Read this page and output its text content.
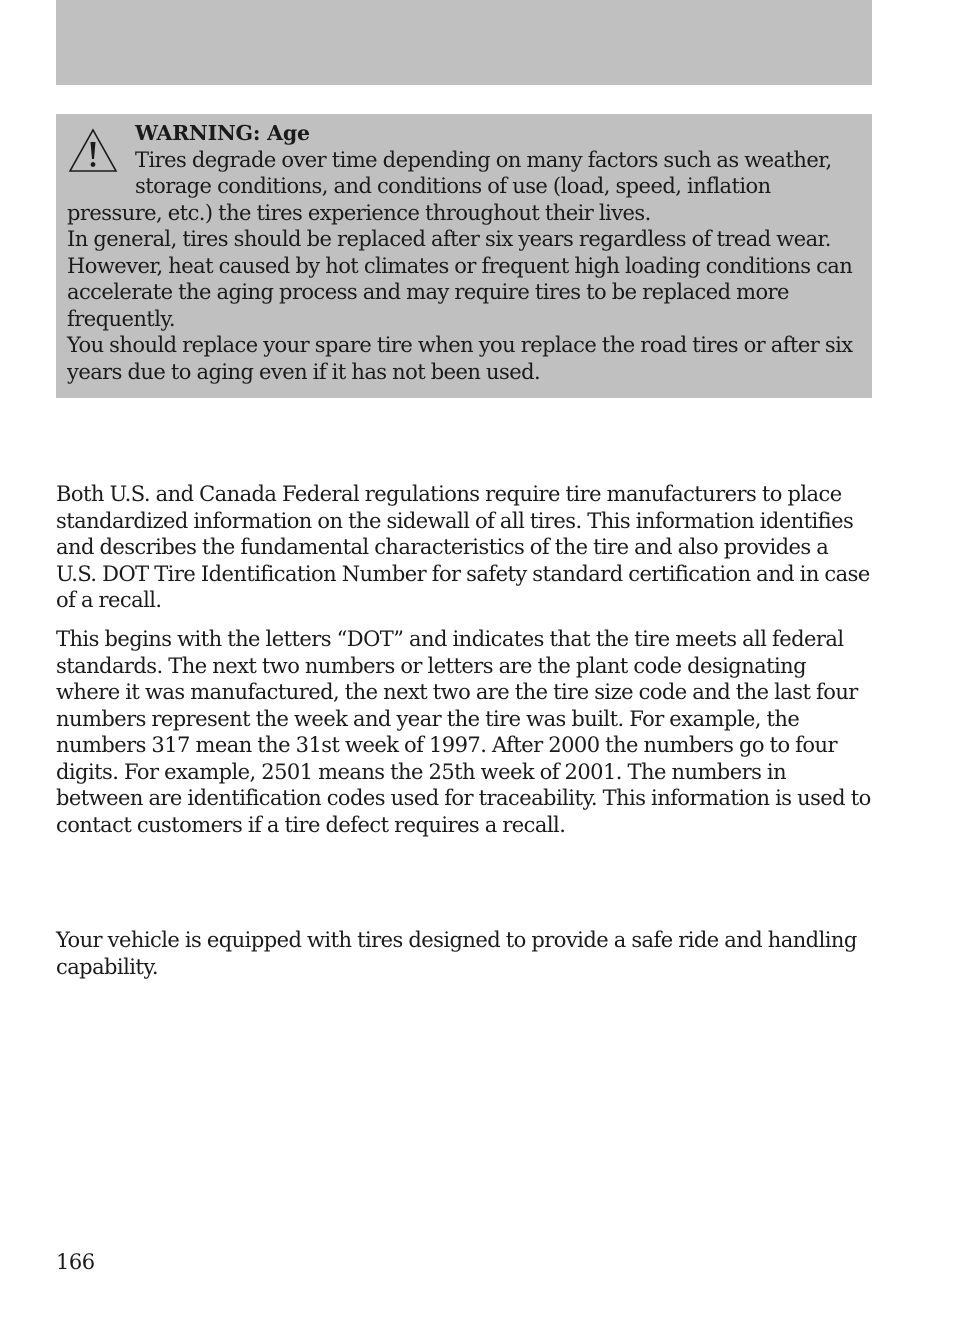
WARNING: Age

Tires degrade over time depending on many factors such as weather, storage conditions, and conditions of use (load, speed, inflation pressure, etc.) the tires experience throughout their lives.

In general, tires should be replaced after six years regardless of tread wear. However, heat caused by hot climates or frequent high loading conditions can accelerate the aging process and may require tires to be replaced more frequently.

You should replace your spare tire when you replace the road tires or after six years due to aging even if it has not been used.

Both U.S. and Canada Federal regulations require tire manufacturers to place standardized information on the sidewall of all tires. This information identifies and describes the fundamental characteristics of the tire and also provides a U.S. DOT Tire Identification Number for safety standard certification and in case of a recall.

This begins with the letters “DOT” and indicates that the tire meets all federal standards. The next two numbers or letters are the plant code designating where it was manufactured, the next two are the tire size code and the last four numbers represent the week and year the tire was built. For example, the numbers 317 mean the 31st week of 1997. After 2000 the numbers go to four digits. For example, 2501 means the 25th week of 2001. The numbers in between are identification codes used for traceability. This information is used to contact customers if a tire defect requires a recall.

Your vehicle is equipped with tires designed to provide a safe ride and handling capability.

166
